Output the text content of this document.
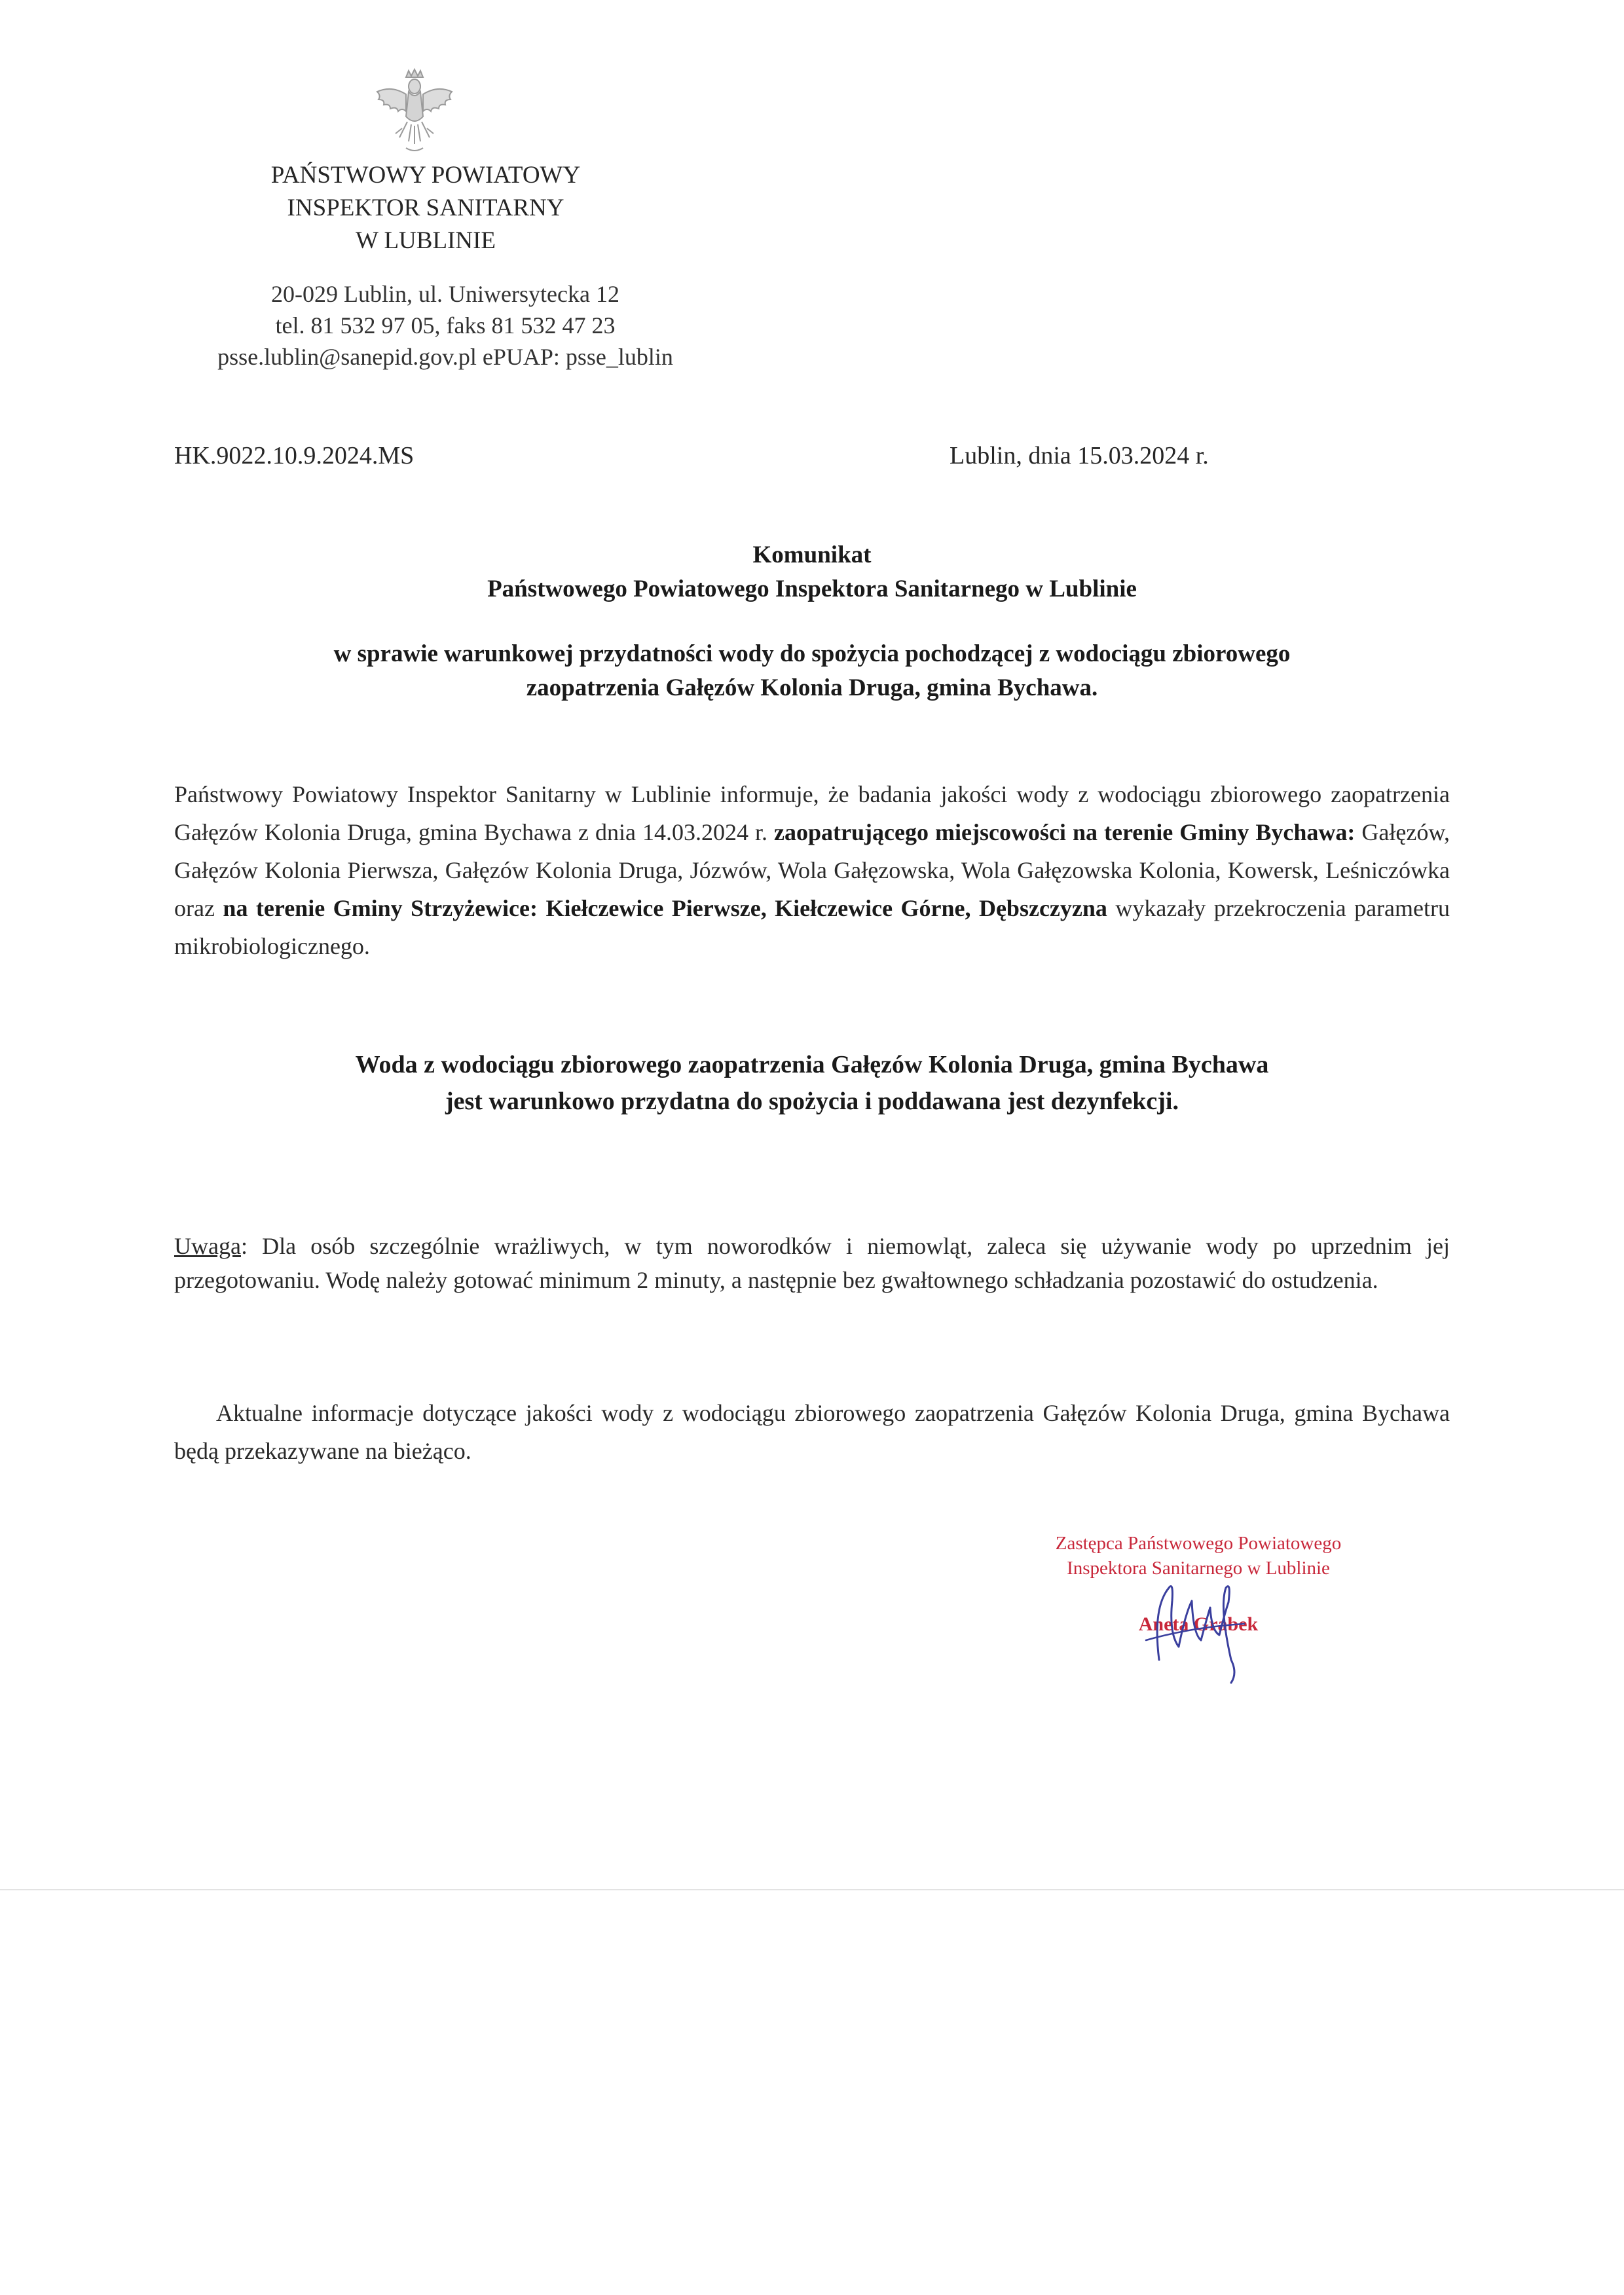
PAŃSTWOWY POWIATOWY
INSPEKTOR SANITARNY
W LUBLINIE
20-029 Lublin, ul. Uniwersytecka 12
tel. 81 532 97 05, faks 81 532 47 23
psse.lublin@sanepid.gov.pl ePUAP: psse_lublin
HK.9022.10.9.2024.MS	Lublin, dnia 15.03.2024 r.
Komunikat
Państwowego Powiatowego Inspektora Sanitarnego w Lublinie
w sprawie warunkowej przydatności wody do spożycia pochodzącej z wodociągu zbiorowego
zaopatrzenia Gałęzów Kolonia Druga, gmina Bychawa.
Państwowy Powiatowy Inspektor Sanitarny w Lublinie informuje, że badania jakości wody z wodociągu zbiorowego zaopatrzenia Gałęzów Kolonia Druga, gmina Bychawa z dnia 14.03.2024 r. zaopatrującego miejscowości na terenie Gminy Bychawa: Gałęzów, Gałęzów Kolonia Pierwsza, Gałęzów Kolonia Druga, Józwów, Wola Gałęzowska, Wola Gałęzowska Kolonia, Kowersk, Leśniczówka oraz na terenie Gminy Strzyżewice: Kiełczewice Pierwsze, Kiełczewice Górne, Dębszczyzna wykazały przekroczenia parametru mikrobiologicznego.
Woda z wodociągu zbiorowego zaopatrzenia Gałęzów Kolonia Druga, gmina Bychawa
jest warunkowo przydatna do spożycia i poddawana jest dezynfekcji.
Uwaga: Dla osób szczególnie wrażliwych, w tym noworodków i niemowląt, zaleca się używanie wody po uprzednim jej przegotowaniu. Wodę należy gotować minimum 2 minuty, a następnie bez gwałtownego schładzania pozostawić do ostudzenia.
Aktualne informacje dotyczące jakości wody z wodociągu zbiorowego zaopatrzenia Gałęzów Kolonia Druga, gmina Bychawa będą przekazywane na bieżąco.
Zastępca Państwowego Powiatowego
Inspektora Sanitarnego w Lublinie
Aneta Grabek
